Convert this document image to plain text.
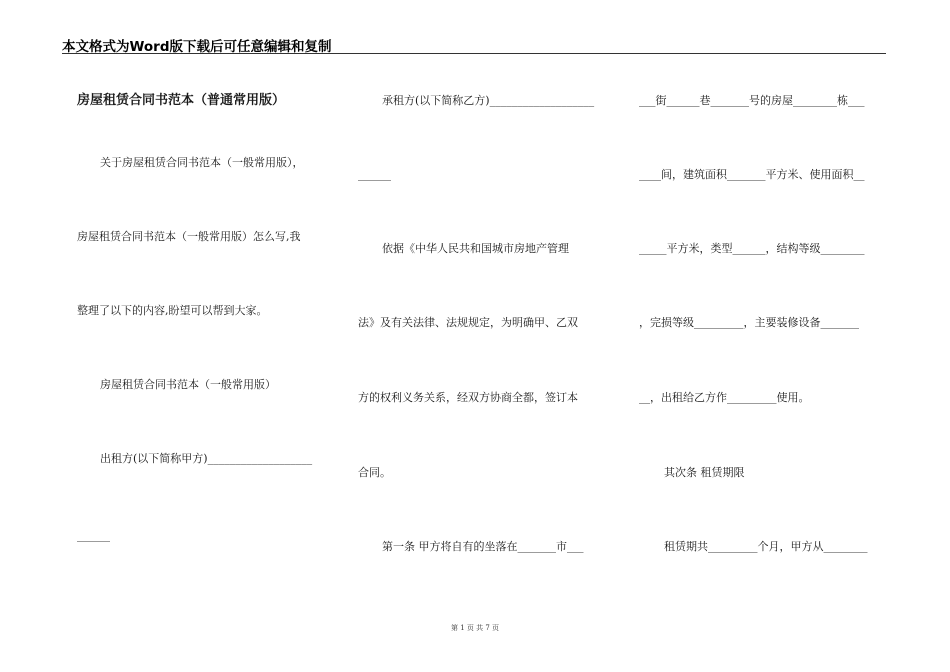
本文格式为Word版下载后可任意编辑和复制
房屋租赁合同书范本（普通常用版）
关于房屋租赁合同书范本（一般常用版），
房屋租赁合同书范本（一般常用版）怎么写,我
整理了以下的内容,盼望可以帮到大家。
房屋租赁合同书范本（一般常用版）
出租方(以下简称甲方)___________________
______
承租方(以下简称乙方)___________________
______
依据《中华人民共和国城市房地产管理
法》及有关法律、法规规定，为明确甲、乙双
方的权利义务关系，经双方协商全都，签订本
合同。
第一条 甲方将自有的坐落在_______市___
___街______巷_______号的房屋________栋___
____间，建筑面积_______平方米、使用面积__
_____平方米，类型______，结构等级________
，完损等级_________，主要装修设备_______
__，出租给乙方作_________使用。
其次条 租赁期限
租赁期共_________个月，甲方从________
第 1 页 共 7 页
